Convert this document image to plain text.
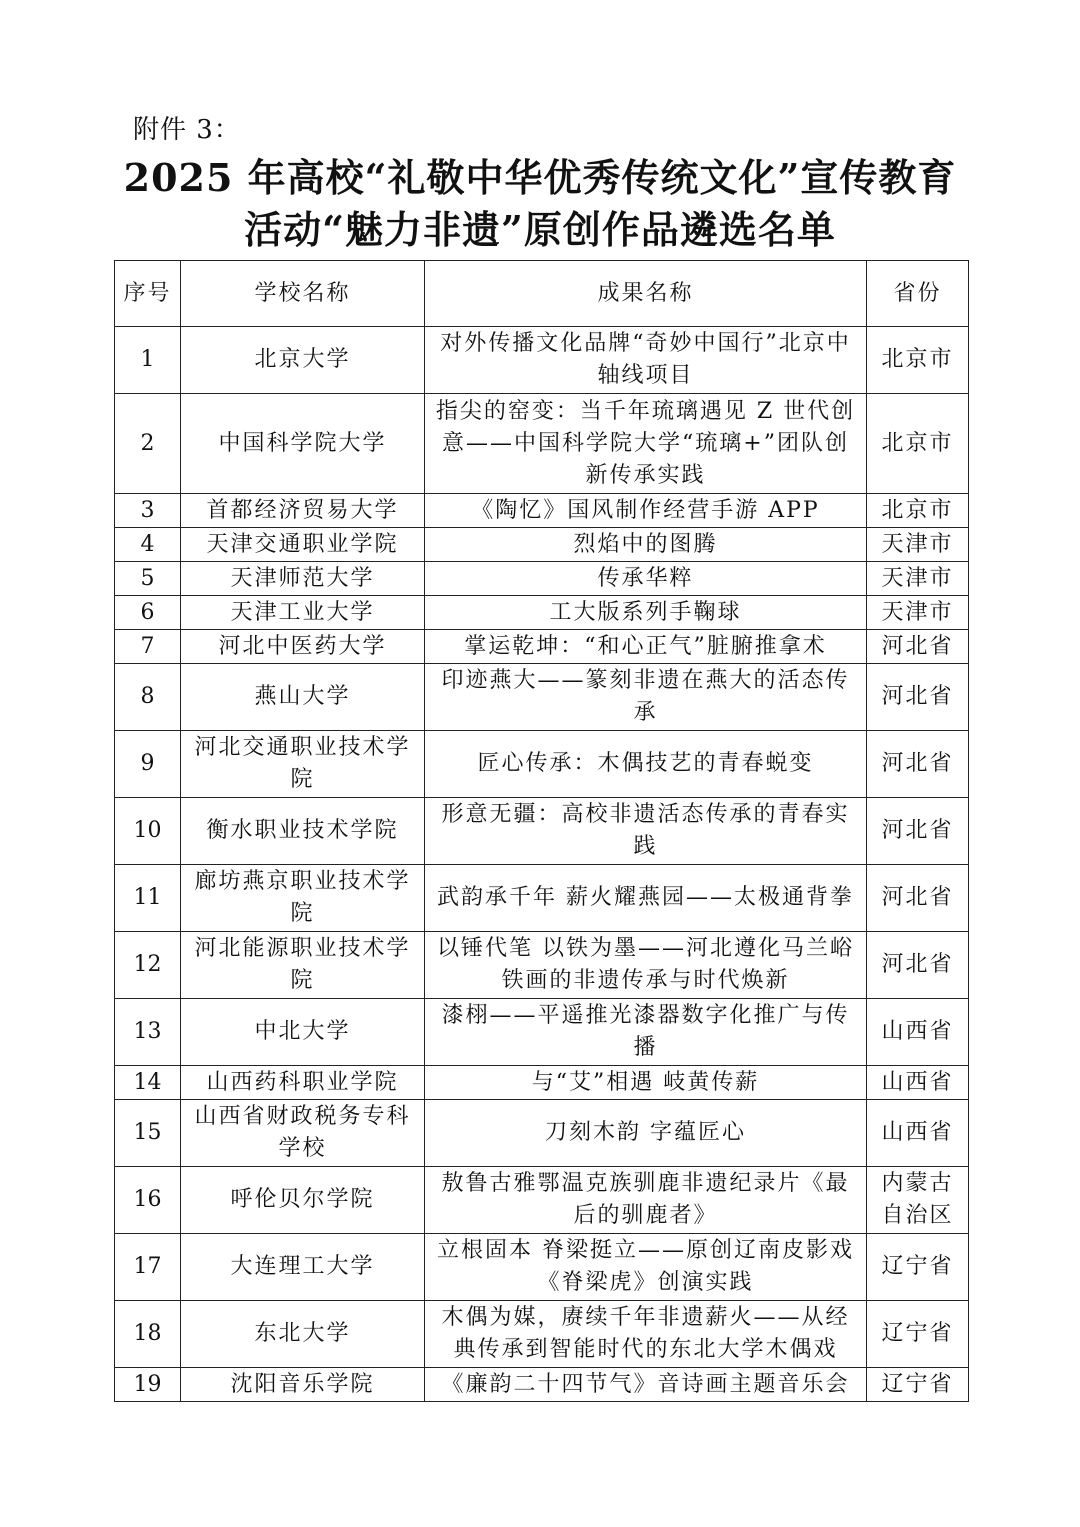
附件 3：
2025 年高校“礼敬中华优秀传统文化”宣传教育活动“魅力非遗”原创作品遴选名单
序号	学校名称	成果名称	省份
1	北京大学	对外传播文化品牌“奇妙中国行”北京中轴线项目	北京市
2	中国科学院大学	指尖的窑变：当千年琉璃遇见 Z 世代创意——中国科学院大学“琉璃+”团队创新传承实践	北京市
3	首都经济贸易大学	《陶忆》国风制作经营手游 APP	北京市
4	天津交通职业学院	烈焰中的图腾	天津市
5	天津师范大学	传承华粹	天津市
6	天津工业大学	工大版系列手鞠球	天津市
7	河北中医药大学	掌运乾坤：“和心正气”脏腑推拿术	河北省
8	燕山大学	印迹燕大——篆刻非遗在燕大的活态传承	河北省
9	河北交通职业技术学院	匠心传承：木偶技艺的青春蜕变	河北省
10	衡水职业技术学院	形意无疆：高校非遗活态传承的青春实践	河北省
11	廊坊燕京职业技术学院	武韵承千年 薪火耀燕园——太极通背拳	河北省
12	河北能源职业技术学院	以锤代笔 以铁为墨——河北遵化马兰峪铁画的非遗传承与时代焕新	河北省
13	中北大学	漆栩——平遥推光漆器数字化推广与传播	山西省
14	山西药科职业学院	与“艾”相遇 岐黄传薪	山西省
15	山西省财政税务专科学校	刀刻木韵 字蕴匠心	山西省
16	呼伦贝尔学院	敖鲁古雅鄂温克族驯鹿非遗纪录片《最后的驯鹿者》	内蒙古自治区
17	大连理工大学	立根固本 脊梁挺立——原创辽南皮影戏《脊梁虎》创演实践	辽宁省
18	东北大学	木偶为媒，赓续千年非遗薪火——从经典传承到智能时代的东北大学木偶戏	辽宁省
19	沈阳音乐学院	《廉韵二十四节气》音诗画主题音乐会	辽宁省
